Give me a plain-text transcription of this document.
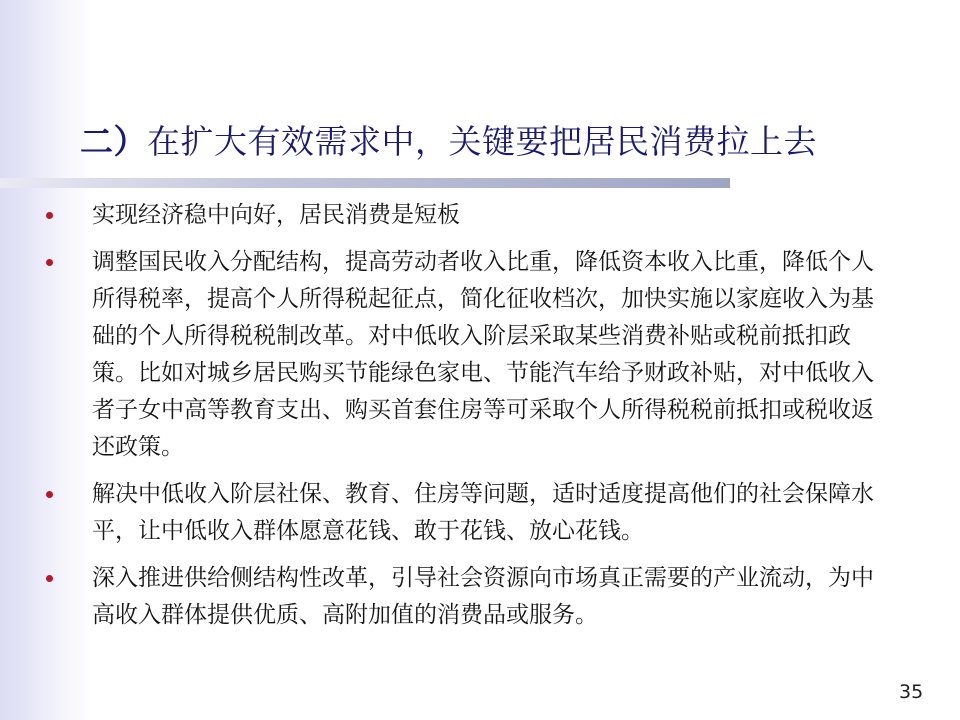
二）在扩大有效需求中，关键要把居民消费拉上去
实现经济稳中向好，居民消费是短板
调整国民收入分配结构，提高劳动者收入比重，降低资本收入比重，降低个人所得税率，提高个人所得税起征点，简化征收档次，加快实施以家庭收入为基础的个人所得税税制改革。对中低收入阶层采取某些消费补贴或税前抵扣政策。比如对城乡居民购买节能绿色家电、节能汽车给予财政补贴，对中低收入者子女中高等教育支出、购买首套住房等可采取个人所得税税前抵扣或税收返还政策。
解决中低收入阶层社保、教育、住房等问题，适时适度提高他们的社会保障水平，让中低收入群体愿意花钱、敢于花钱、放心花钱。
深入推进供给侧结构性改革，引导社会资源向市场真正需要的产业流动，为中高收入群体提供优质、高附加值的消费品或服务。
35
